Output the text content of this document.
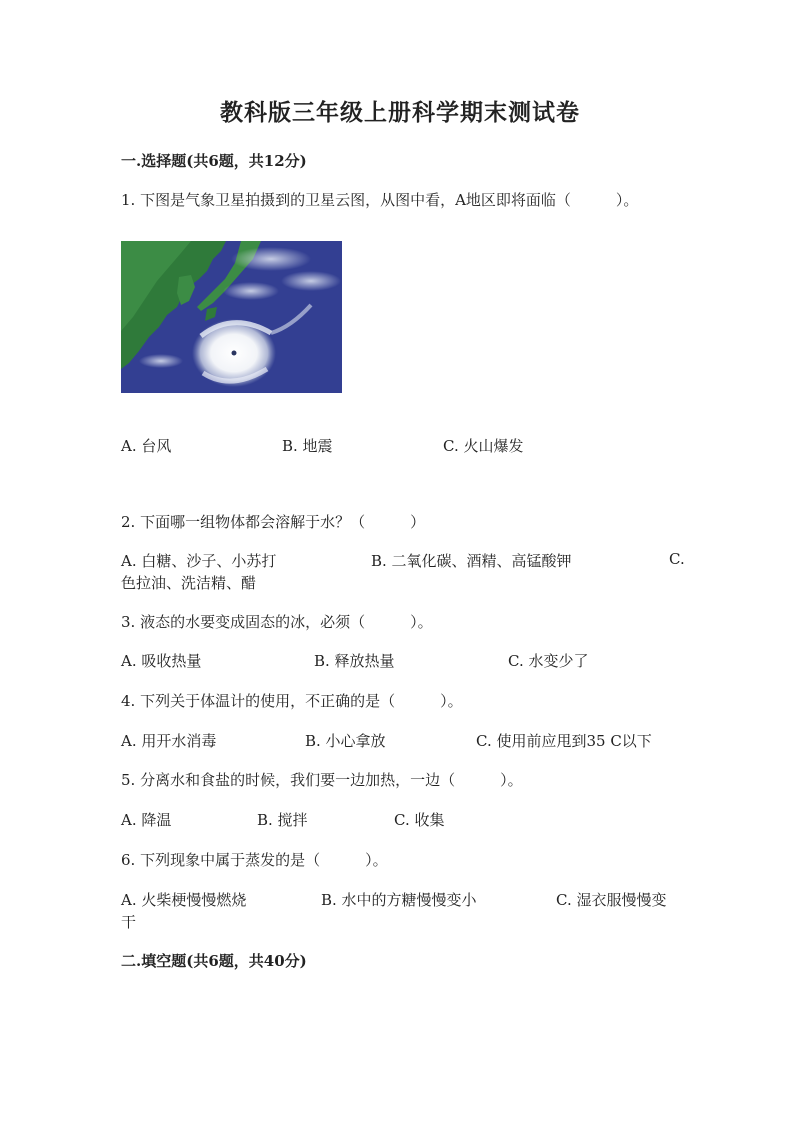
教科版三年级上册科学期末测试卷
一.选择题(共6题，共12分)
1. 下图是气象卫星拍摄到的卫星云图，从图中看，A地区即将面临（　　　）。
A. 台风	B. 地震	C. 火山爆发
2. 下面哪一组物体都会溶解于水？（　　　）
A. 白糖、沙子、小苏打	B. 二氧化碳、酒精、高锰酸钾	C.
色拉油、洗洁精、醋
3. 液态的水要变成固态的冰，必须（　　　）。
A. 吸收热量	B. 释放热量	C. 水变少了
4. 下列关于体温计的使用，不正确的是（　　　）。
A. 用开水消毒	B. 小心拿放	C. 使用前应甩到35 C以下
5. 分离水和食盐的时候，我们要一边加热，一边（　　　）。
A. 降温	B. 搅拌	C. 收集
6. 下列现象中属于蒸发的是（　　　）。
A. 火柴梗慢慢燃烧	B. 水中的方糖慢慢变小	C. 湿衣服慢慢变
干
二.填空题(共6题，共40分)
